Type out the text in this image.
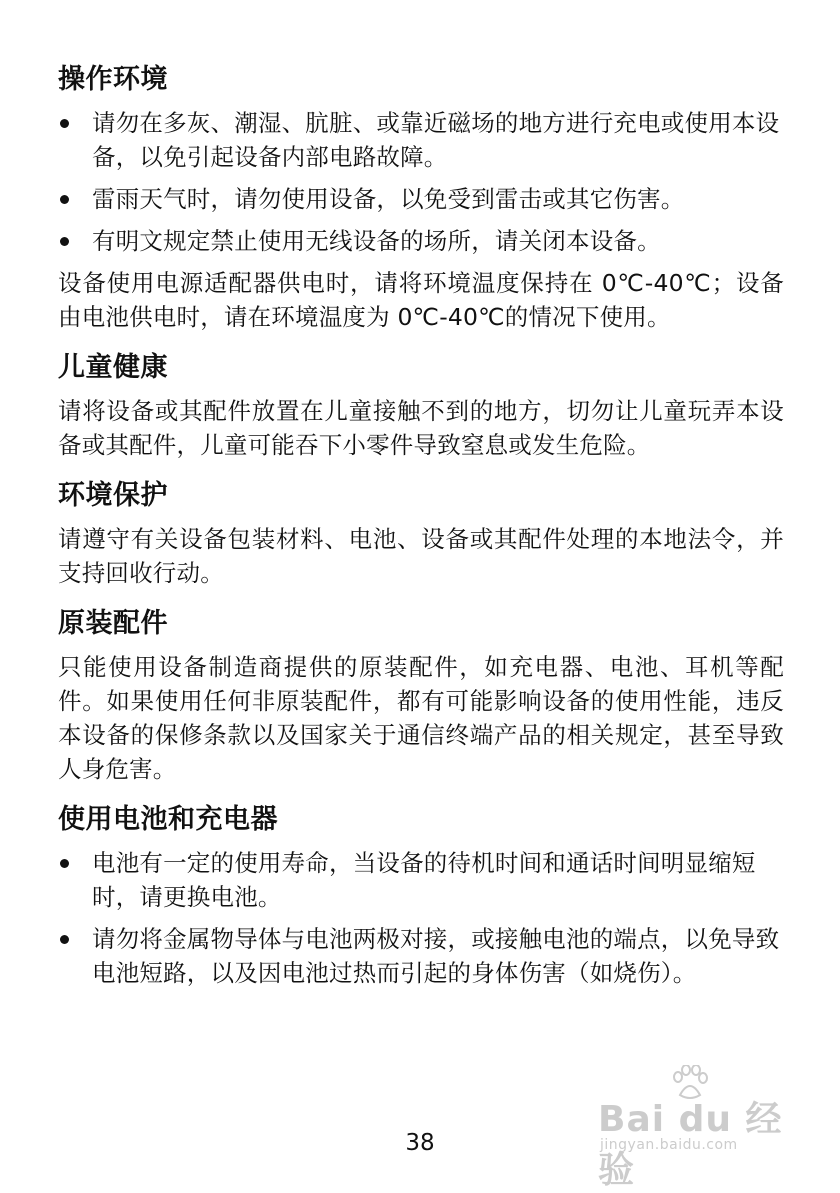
操作环境
请勿在多灰、潮湿、肮脏、或靠近磁场的地方进行充电或使用本设备，以免引起设备内部电路故障。
雷雨天气时，请勿使用设备，以免受到雷击或其它伤害。
有明文规定禁止使用无线设备的场所，请关闭本设备。

设备使用电源适配器供电时，请将环境温度保持在 0℃-40℃；设备由电池供电时，请在环境温度为 0℃-40℃的情况下使用。

儿童健康

请将设备或其配件放置在儿童接触不到的地方，切勿让儿童玩弄本设备或其配件，儿童可能吞下小零件导致窒息或发生危险。

环境保护

请遵守有关设备包装材料、电池、设备或其配件处理的本地法令，并支持回收行动。

原装配件

只能使用设备制造商提供的原装配件，如充电器、电池、耳机等配件。如果使用任何非原装配件，都有可能影响设备的使用性能，违反本设备的保修条款以及国家关于通信终端产品的相关规定，甚至导致人身危害。

使用电池和充电器
电池有一定的使用寿命，当设备的待机时间和通话时间明显缩短时，请更换电池。
请勿将金属物导体与电池两极对接，或接触电池的端点，以免导致电池短路，以及因电池过热而引起的身体伤害（如烧伤）。
Bai du 经验
jingyan.baidu.com
38
